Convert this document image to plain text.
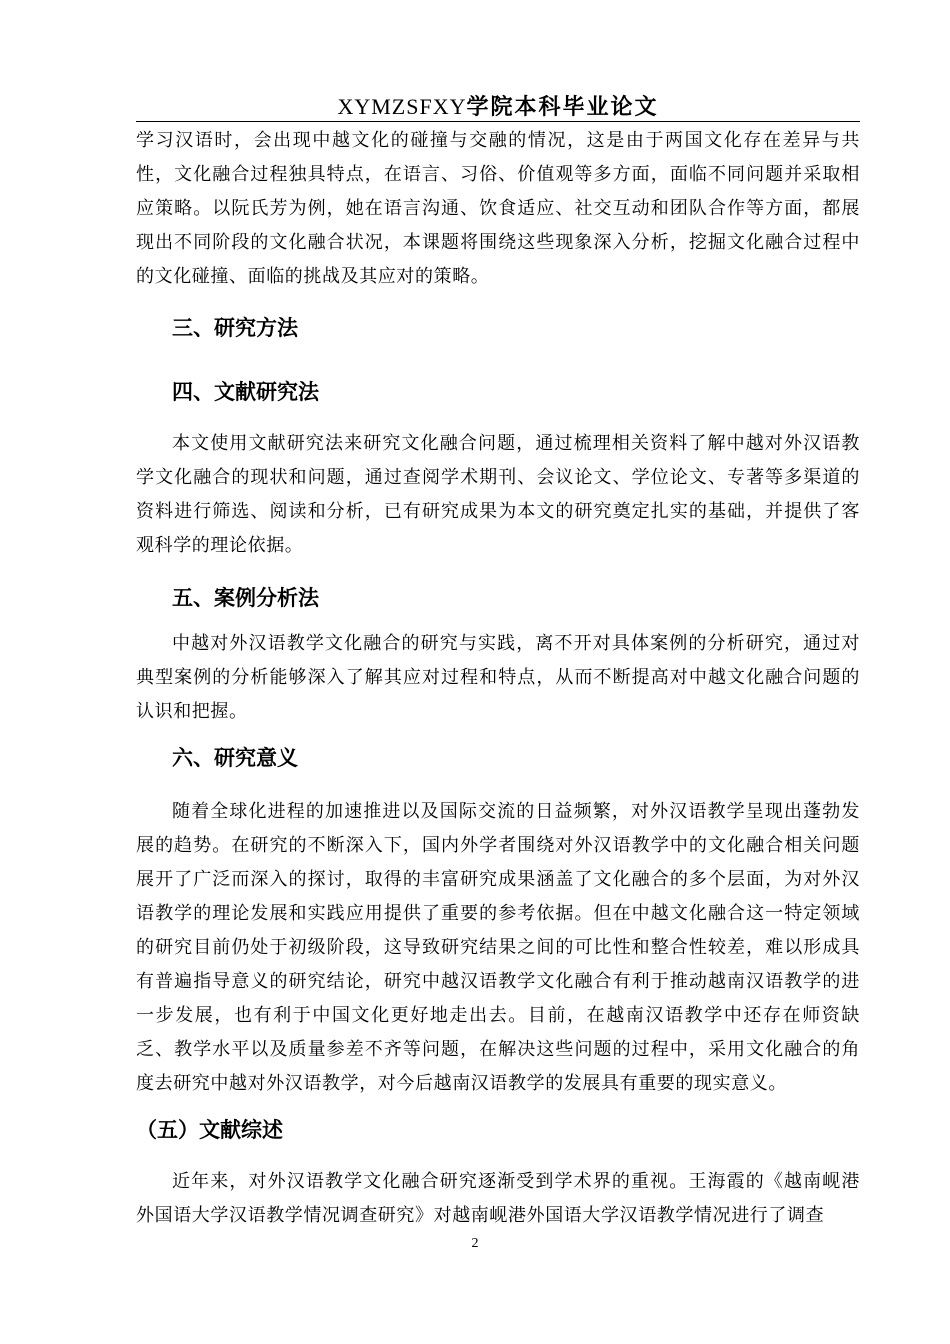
XYMZSFXY学院本科毕业论文

学习汉语时，会出现中越文化的碰撞与交融的情况，这是由于两国文化存在差异与共性，文化融合过程独具特点，在语言、习俗、价值观等多方面，面临不同问题并采取相应策略。以阮氏芳为例，她在语言沟通、饮食适应、社交互动和团队合作等方面，都展现出不同阶段的文化融合状况，本课题将围绕这些现象深入分析，挖掘文化融合过程中的文化碰撞、面临的挑战及其应对的策略。

三、研究方法
四、文献研究法

本文使用文献研究法来研究文化融合问题，通过梳理相关资料了解中越对外汉语教学文化融合的现状和问题，通过查阅学术期刊、会议论文、学位论文、专著等多渠道的资料进行筛选、阅读和分析，已有研究成果为本文的研究奠定扎实的基础，并提供了客观科学的理论依据。

五、案例分析法

中越对外汉语教学文化融合的研究与实践，离不开对具体案例的分析研究，通过对典型案例的分析能够深入了解其应对过程和特点，从而不断提高对中越文化融合问题的认识和把握。

六、研究意义

随着全球化进程的加速推进以及国际交流的日益频繁，对外汉语教学呈现出蓬勃发展的趋势。在研究的不断深入下，国内外学者围绕对外汉语教学中的文化融合相关问题展开了广泛而深入的探讨，取得的丰富研究成果涵盖了文化融合的多个层面，为对外汉语教学的理论发展和实践应用提供了重要的参考依据。但在中越文化融合这一特定领域的研究目前仍处于初级阶段，这导致研究结果之间的可比性和整合性较差，难以形成具有普遍指导意义的研究结论，研究中越汉语教学文化融合有利于推动越南汉语教学的进一步发展，也有利于中国文化更好地走出去。目前，在越南汉语教学中还存在师资缺乏、教学水平以及质量参差不齐等问题，在解决这些问题的过程中，采用文化融合的角度去研究中越对外汉语教学，对今后越南汉语教学的发展具有重要的现实意义。

（五）文献综述

近年来，对外汉语教学文化融合研究逐渐受到学术界的重视。王海霞的《越南岘港外国语大学汉语教学情况调查研究》对越南岘港外国语大学汉语教学情况进行了调查

2
